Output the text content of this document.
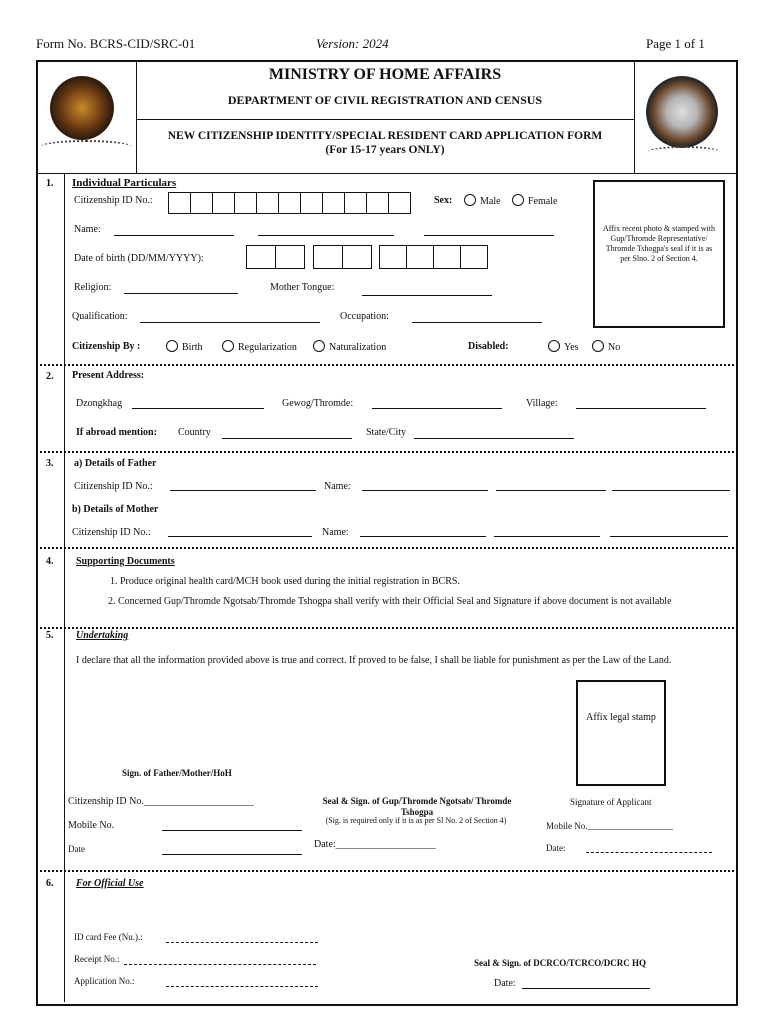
Form No. BCRS-CID/SRC-01	Version: 2024	Page 1 of 1
MINISTRY OF HOME AFFAIRS
DEPARTMENT OF CIVIL REGISTRATION AND CENSUS
NEW CITIZENSHIP IDENTITY/SPECIAL RESIDENT CARD APPLICATION FORM
(For 15-17 years ONLY)
Affix recent photo & stamped with Gup/Thromde Representative/ Thromde Tshogpa's seal if it is as per Slno. 2 of Section 4.
1. Individual Particulars
Citizenship ID No.:	Sex:	Male	Female
Name:
Date of birth (DD/MM/YYYY):
Religion:	Mother Tongue:
Qualification:	Occupation:
Citizenship By :	Birth	Regularization	Naturalization	Disabled:	Yes	No
2. Present Address:
Dzongkhag	Gewog/Thromde:	Village:
If abroad mention: Country	State/City
3. a) Details of Father
Citizenship ID No.:	Name:
b) Details of Mother
Citizenship ID No.:	Name:
4. Supporting Documents
1. Produce original health card/MCH book used during the initial registration in BCRS.
2. Concerned Gup/Thromde Ngotsab/Thromde Tshogpa shall verify with their Official Seal and Signature if above document is not available
5. Undertaking
I declare that all the information provided above is true and correct. If proved to be false, I shall be liable for punishment as per the Law of the Land.
Affix legal stamp
Sign. of Father/Mother/HoH
Citizenship ID No.______________________
Mobile No.
Date
Seal & Sign. of Gup/Thromde Ngotsab/ Thromde Tshogpa
(Sig. is required only if it is as per Sl No. 2 of Section 4)
Date:____________________
Signature of Applicant
Mobile No.___________________
Date:
6. For Official Use
ID card Fee (Nu.).:
Receipt No.:
Application No.:
Seal & Sign. of DCRCO/TCRCO/DCRC HQ
Date:
